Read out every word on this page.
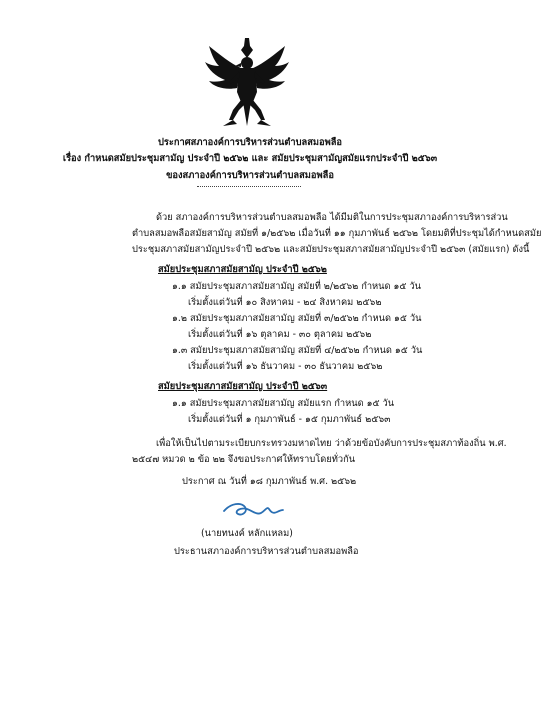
ประกาศสภาองค์การบริหารส่วนตำบลสมอพลือ
เรื่อง กำหนดสมัยประชุมสามัญ ประจำปี ๒๕๖๒ และ สมัยประชุมสามัญสมัยแรกประจำปี ๒๕๖๓
ของสภาองค์การบริหารส่วนตำบลสมอพลือ
ด้วย สภาองค์การบริหารส่วนตำบลสมอพลือ ได้มีมติในการประชุมสภาองค์การบริหารส่วน
ตำบลสมอพลือสมัยสามัญ สมัยที่ ๑/๒๕๖๒ เมื่อวันที่ ๑๑ กุมภาพันธ์ ๒๕๖๒ โดยมติที่ประชุมได้กำหนดสมัย
ประชุมสภาสมัยสามัญประจำปี ๒๕๖๒ และสมัยประชุมสภาสมัยสามัญประจำปี ๒๕๖๓ (สมัยแรก) ดังนี้
สมัยประชุมสภาสมัยสามัญ ประจำปี ๒๕๖๒
๑.๑ สมัยประชุมสภาสมัยสามัญ สมัยที่ ๒/๒๕๖๒ กำหนด ๑๕ วัน
เริ่มตั้งแต่วันที่ ๑๐ สิงหาคม - ๒๔ สิงหาคม ๒๕๖๒
๑.๒ สมัยประชุมสภาสมัยสามัญ สมัยที่ ๓/๒๕๖๒ กำหนด ๑๕ วัน
เริ่มตั้งแต่วันที่ ๑๖ ตุลาคม - ๓๐ ตุลาคม ๒๕๖๒
๑.๓ สมัยประชุมสภาสมัยสามัญ สมัยที่ ๔/๒๕๖๒ กำหนด ๑๕ วัน
เริ่มตั้งแต่วันที่ ๑๖ ธันวาคม - ๓๐ ธันวาคม ๒๕๖๒
สมัยประชุมสภาสมัยสามัญ ประจำปี ๒๕๖๓
๑.๑ สมัยประชุมสภาสมัยสามัญ สมัยแรก กำหนด ๑๕ วัน
เริ่มตั้งแต่วันที่ ๑ กุมภาพันธ์ - ๑๕ กุมภาพันธ์ ๒๕๖๓
เพื่อให้เป็นไปตามระเบียบกระทรวงมหาดไทย ว่าด้วยข้อบังคับการประชุมสภาท้องถิ่น พ.ศ.
๒๕๔๗ หมวด ๒ ข้อ ๒๒ จึงขอประกาศให้ทราบโดยทั่วกัน
ประกาศ ณ วันที่ ๑๘ กุมภาพันธ์ พ.ศ. ๒๕๖๒
(นายทนงค์ หลักแหลม)
ประธานสภาองค์การบริหารส่วนตำบลสมอพลือ
